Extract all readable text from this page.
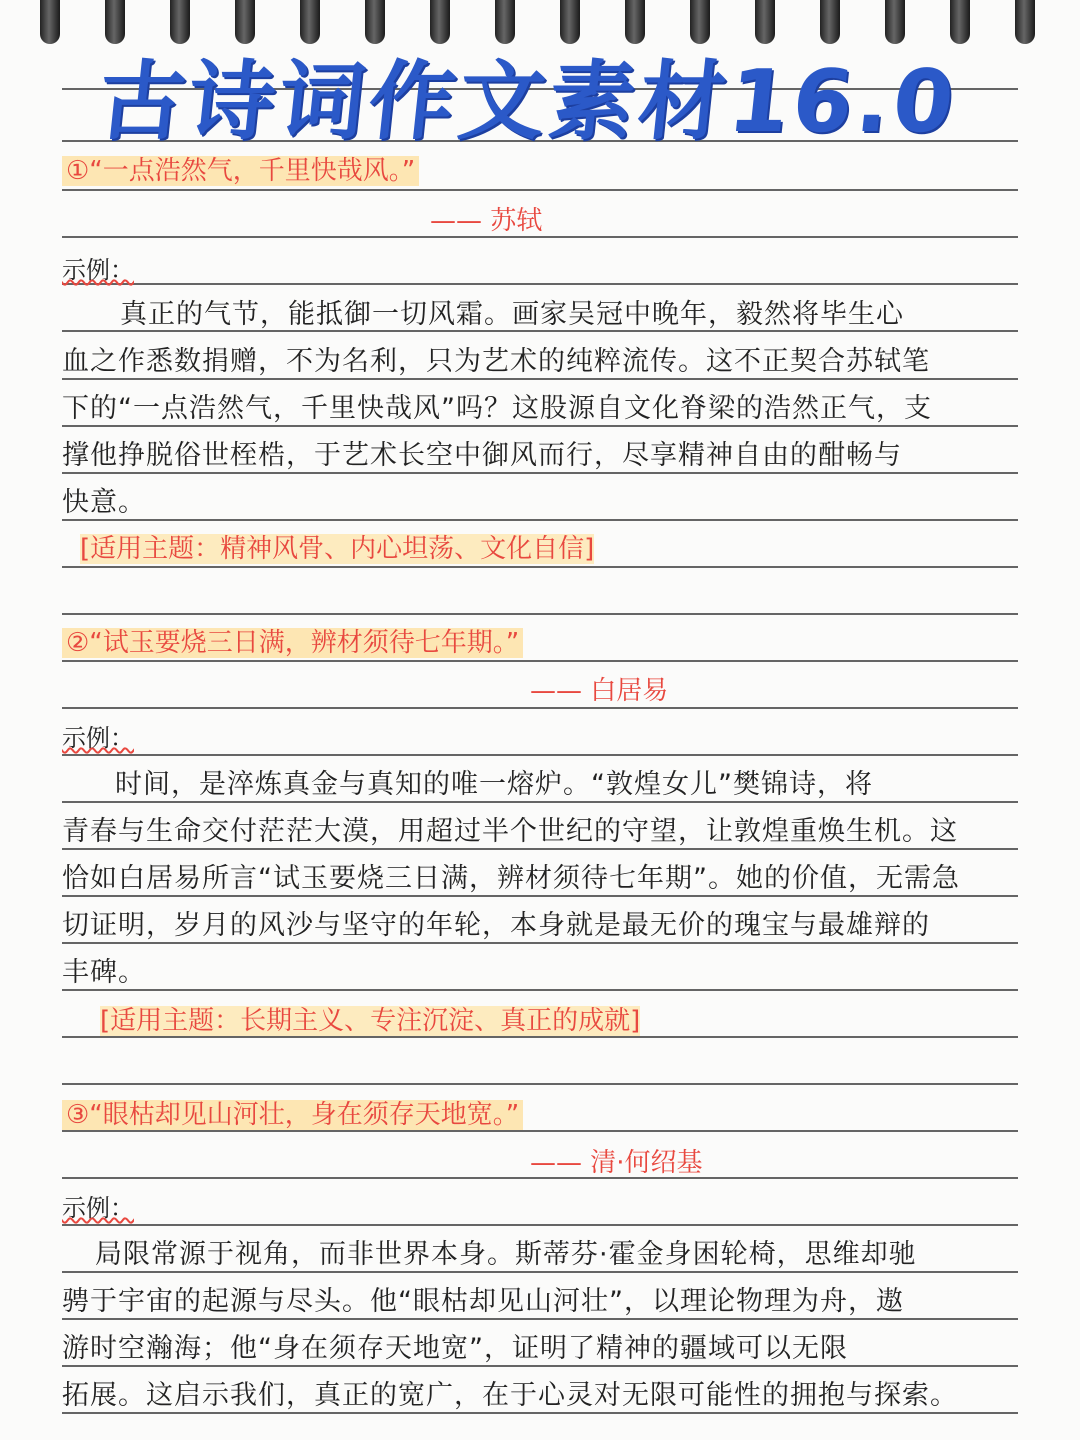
古诗词作文素材16.0
①“一点浩然气，千里快哉风。”
—— 苏轼
示例：
真正的气节，能抵御一切风霜。画家吴冠中晚年，毅然将毕生心
血之作悉数捐赠，不为名利，只为艺术的纯粹流传。这不正契合苏轼笔
下的“一点浩然气，千里快哉风”吗？这股源自文化脊梁的浩然正气，支
撑他挣脱俗世桎梏，于艺术长空中御风而行，尽享精神自由的酣畅与
快意。
[适用主题：精神风骨、内心坦荡、文化自信]
②“试玉要烧三日满，辨材须待七年期。”
—— 白居易
示例：
时间，是淬炼真金与真知的唯一熔炉。“敦煌女儿”樊锦诗，将
青春与生命交付茫茫大漠，用超过半个世纪的守望，让敦煌重焕生机。这
恰如白居易所言“试玉要烧三日满，辨材须待七年期”。她的价值，无需急
切证明，岁月的风沙与坚守的年轮，本身就是最无价的瑰宝与最雄辩的
丰碑。
[适用主题：长期主义、专注沉淀、真正的成就]
③“眼枯却见山河壮，身在须存天地宽。”
—— 清·何绍基
示例：
局限常源于视角，而非世界本身。斯蒂芬·霍金身困轮椅，思维却驰
骋于宇宙的起源与尽头。他“眼枯却见山河壮”，以理论物理为舟，遨
游时空瀚海；他“身在须存天地宽”，证明了精神的疆域可以无限
拓展。这启示我们，真正的宽广，在于心灵对无限可能性的拥抱与探索。
